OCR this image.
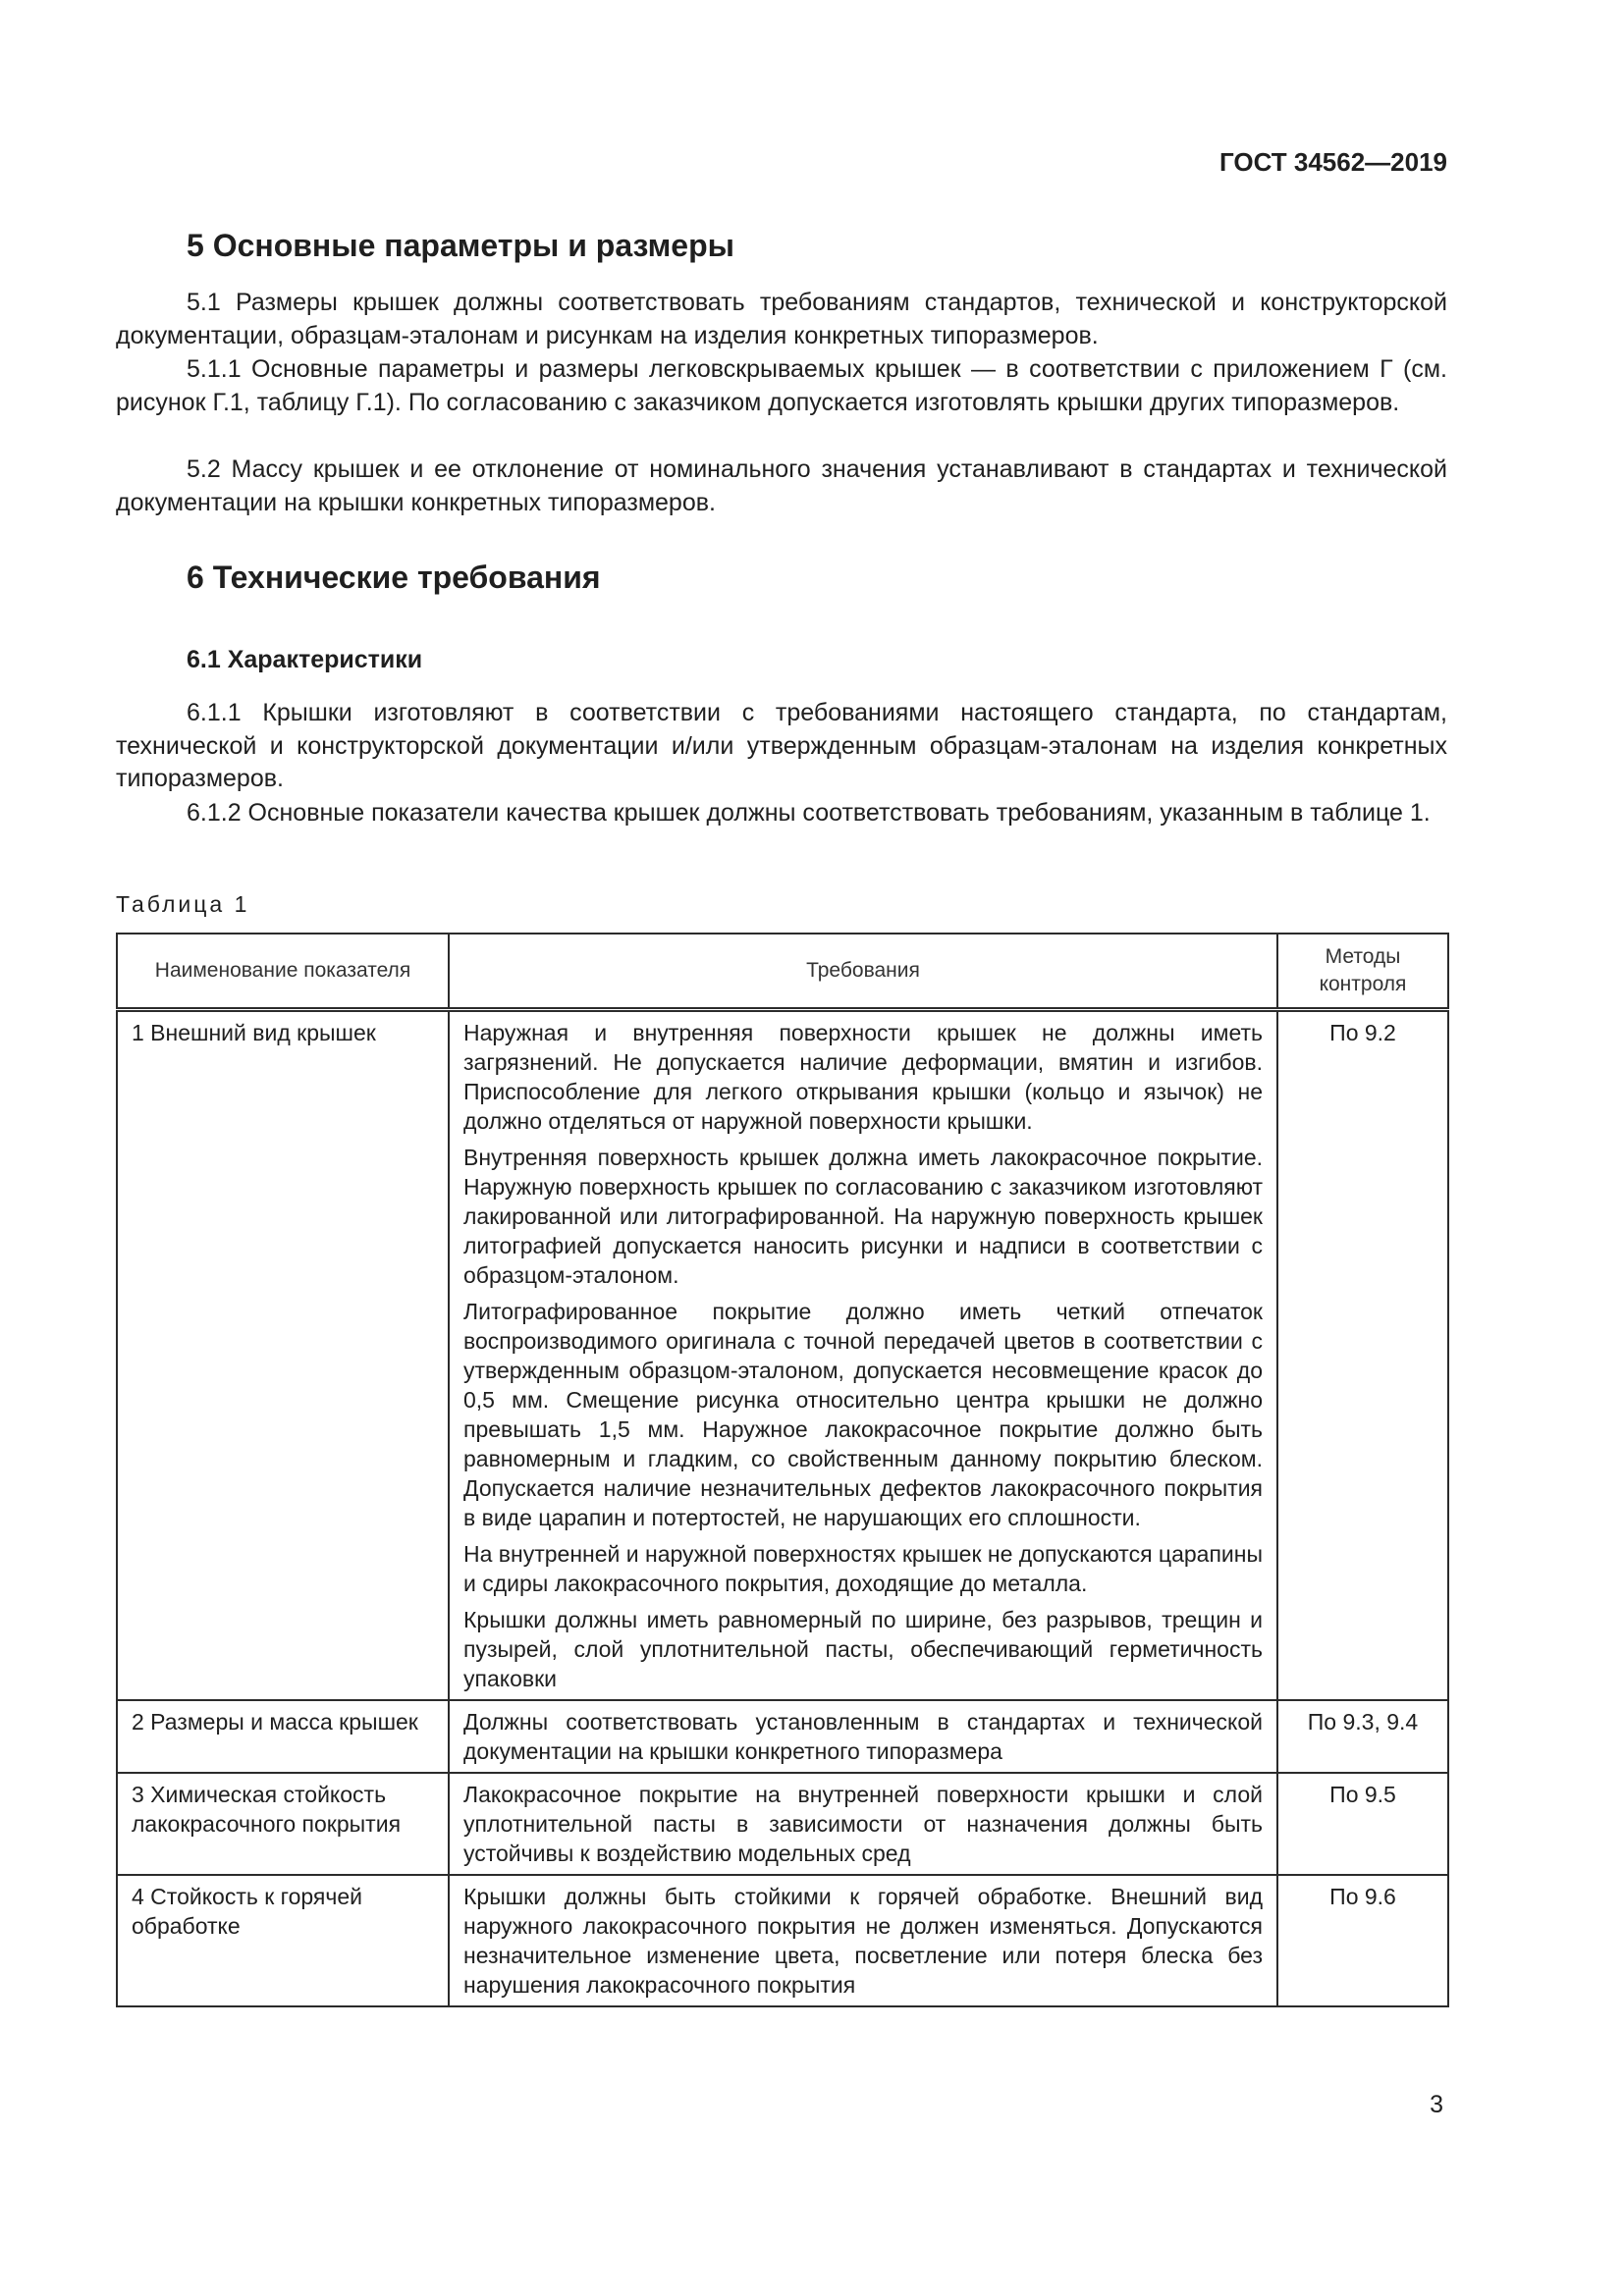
ГОСТ 34562—2019
5 Основные параметры и размеры
5.1 Размеры крышек должны соответствовать требованиям стандартов, технической и конструкторской документации, образцам-эталонам и рисункам на изделия конкретных типоразмеров.
5.1.1 Основные параметры и размеры легковскрываемых крышек — в соответствии с приложением Г (см. рисунок Г.1, таблицу Г.1). По согласованию с заказчиком допускается изготовлять крышки других типоразмеров.
5.2 Массу крышек и ее отклонение от номинального значения устанавливают в стандартах и технической документации на крышки конкретных типоразмеров.
6 Технические требования
6.1 Характеристики
6.1.1 Крышки изготовляют в соответствии с требованиями настоящего стандарта, по стандартам, технической и конструкторской документации и/или утвержденным образцам-эталонам на изделия конкретных типоразмеров.
6.1.2 Основные показатели качества крышек должны соответствовать требованиям, указанным в таблице 1.
Таблица 1
Наименование показателя	Требования	Методы контроля
1 Внешний вид крышек	Наружная и внутренняя поверхности крышек не должны иметь загрязнений. Не допускается наличие деформации, вмятин и изгибов. Приспособление для легкого открывания крышки (кольцо и язычок) не должно отделяться от наружной поверхности крышки.

Внутренняя поверхность крышек должна иметь лакокрасочное покрытие. Наружную поверхность крышек по согласованию с заказчиком изготовляют лакированной или литографированной. На наружную поверхность крышек литографией допускается наносить рисунки и надписи в соответствии с образцом-эталоном.

Литографированное покрытие должно иметь четкий отпечаток воспроизводимого оригинала с точной передачей цветов в соответствии с утвержденным образцом-эталоном, допускается несовмещение красок до 0,5 мм. Смещение рисунка относительно центра крышки не должно превышать 1,5 мм. Наружное лакокрасочное покрытие должно быть равномерным и гладким, со свойственным данному покрытию блеском. Допускается наличие незначительных дефектов лакокрасочного покрытия в виде царапин и потертостей, не нарушающих его сплошности.

На внутренней и наружной поверхностях крышек не допускаются царапины и сдиры лакокрасочного покрытия, доходящие до металла.

Крышки должны иметь равномерный по ширине, без разрывов, трещин и пузырей, слой уплотнительной пасты, обеспечивающий герметичность упаковки	По 9.2
2 Размеры и масса крышек	Должны соответствовать установленным в стандартах и технической документации на крышки конкретного типоразмера	По 9.3, 9.4
3 Химическая стойкость лакокрасочного покрытия	Лакокрасочное покрытие на внутренней поверхности крышки и слой уплотнительной пасты в зависимости от назначения должны быть устойчивы к воздействию модельных сред	По 9.5
4 Стойкость к горячей обработке	Крышки должны быть стойкими к горячей обработке. Внешний вид наружного лакокрасочного покрытия не должен изменяться. Допускаются незначительное изменение цвета, посветление или потеря блеска без нарушения лакокрасочного покрытия	По 9.6
3
